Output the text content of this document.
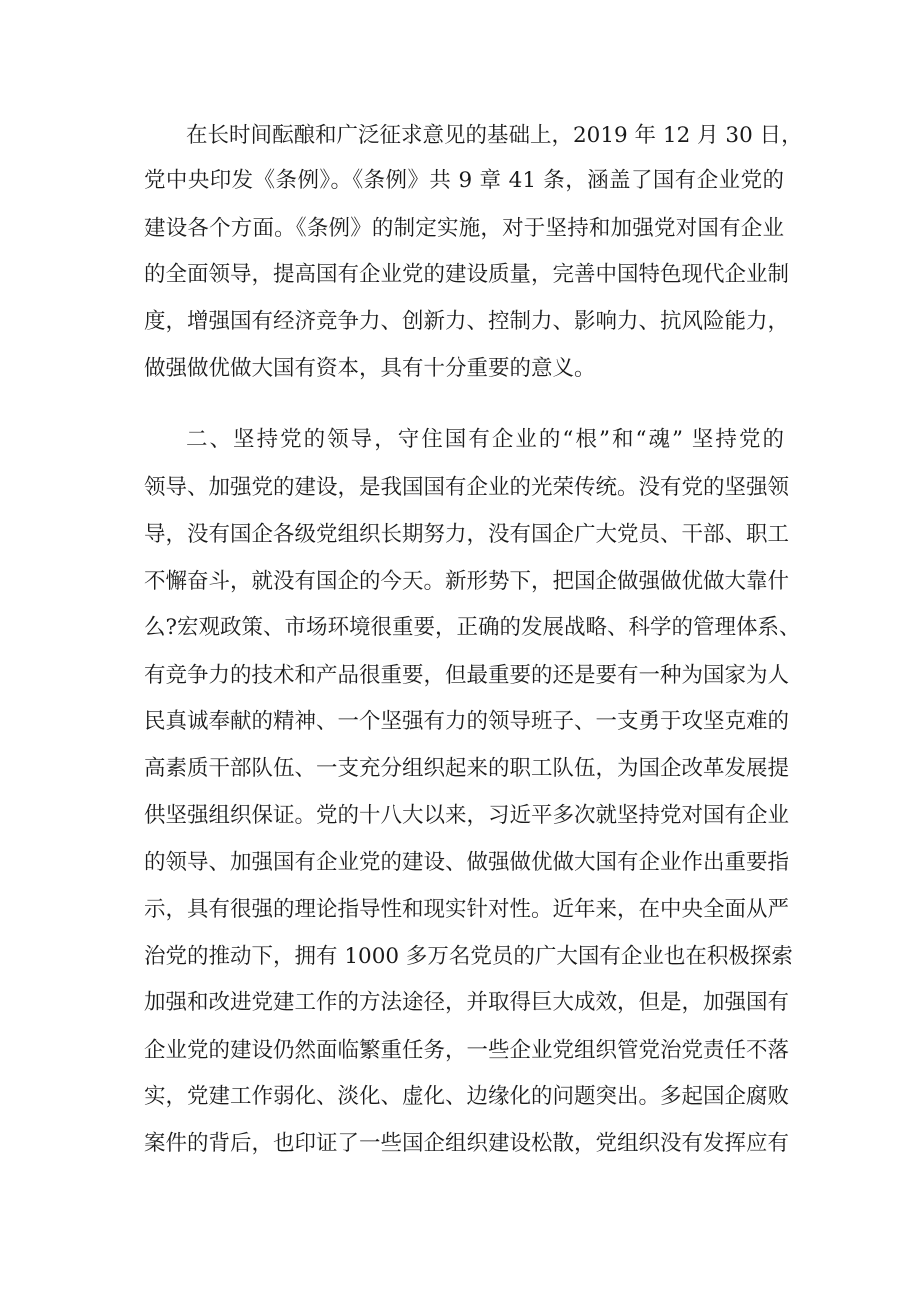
在长时间酝酿和广泛征求意见的基础上，2019 年 12 月 30 日，
党中央印发《条例》。《条例》共 9 章 41 条，涵盖了国有企业党的
建设各个方面。《条例》的制定实施，对于坚持和加强党对国有企业
的全面领导，提高国有企业党的建设质量，完善中国特色现代企业制
度，增强国有经济竞争力、创新力、控制力、影响力、抗风险能力，
做强做优做大国有资本，具有十分重要的意义。
二、坚持党的领导，守住国有企业的“根”和“魂” 坚持党的
领导、加强党的建设，是我国国有企业的光荣传统。没有党的坚强领
导，没有国企各级党组织长期努力，没有国企广大党员、干部、职工
不懈奋斗，就没有国企的今天。新形势下，把国企做强做优做大靠什
么?宏观政策、市场环境很重要，正确的发展战略、科学的管理体系、
有竞争力的技术和产品很重要，但最重要的还是要有一种为国家为人
民真诚奉献的精神、一个坚强有力的领导班子、一支勇于攻坚克难的
高素质干部队伍、一支充分组织起来的职工队伍，为国企改革发展提
供坚强组织保证。党的十八大以来，习近平多次就坚持党对国有企业
的领导、加强国有企业党的建设、做强做优做大国有企业作出重要指
示，具有很强的理论指导性和现实针对性。近年来，在中央全面从严
治党的推动下，拥有 1000 多万名党员的广大国有企业也在积极探索
加强和改进党建工作的方法途径，并取得巨大成效，但是，加强国有
企业党的建设仍然面临繁重任务，一些企业党组织管党治党责任不落
实，党建工作弱化、淡化、虚化、边缘化的问题突出。多起国企腐败
案件的背后，也印证了一些国企组织建设松散，党组织没有发挥应有
